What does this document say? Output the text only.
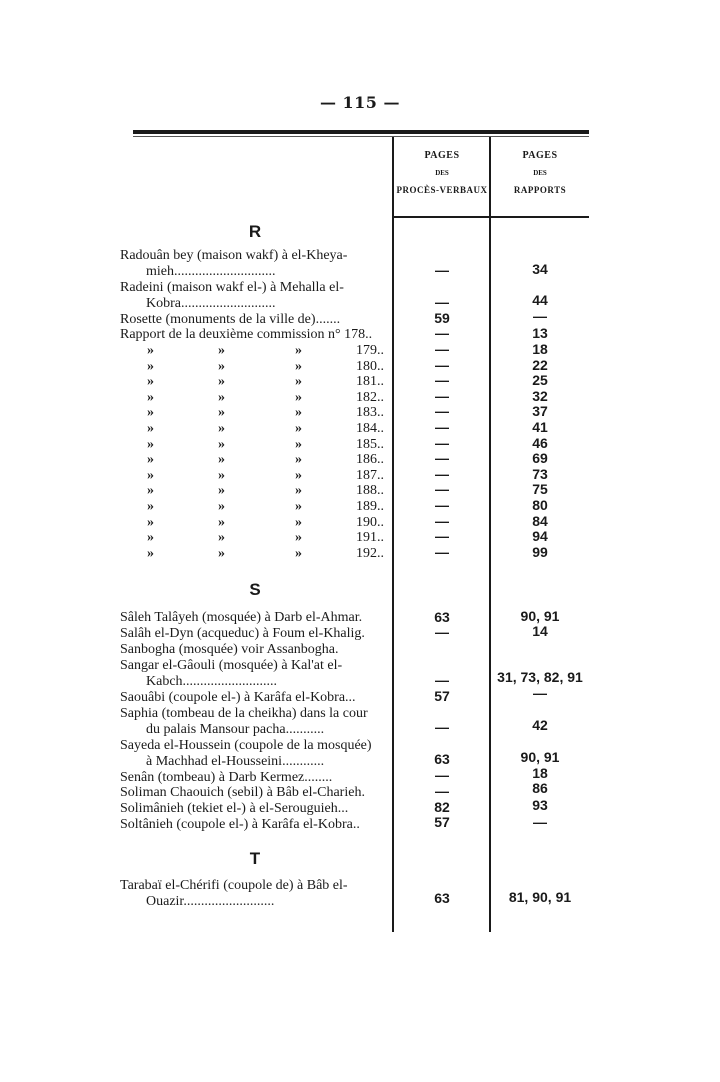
— 115 —
PAGES
DES
PROCÈS-VERBAUX
PAGES
DES
RAPPORTS
R
Radouân bey (maison wakf) à el-Kheya-
mieh.............................	—	34
Radeini (maison wakf el-) à Mehalla el-
Kobra...........................	—	44
Rosette (monuments de la ville de).......	59	—
Rapport de la deuxième commission n° 178..	—	13
»	»	»	179..	—	18
»	»	»	180..	—	22
»	»	»	181..	—	25
»	»	»	182..	—	32
»	»	»	183..	—	37
»	»	»	184..	—	41
»	»	»	185..	—	46
»	»	»	186..	—	69
»	»	»	187..	—	73
»	»	»	188..	—	75
»	»	»	189..	—	80
»	»	»	190..	—	84
»	»	»	191..	—	94
»	»	»	192..	—	99
S
Sâleh Talâyeh (mosquée) à Darb el-Ahmar.	63	90, 91
Salâh el-Dyn (acqueduc) à Foum el-Khalig.	—	14
Sanbogha (mosquée) voir Assanbogha.
Sangar el-Gâouli (mosquée) à Kal'at el-
Kabch...........................	—	31, 73, 82, 91
Saouâbi (coupole el-) à Karâfa el-Kobra...	57	—
Saphia (tombeau de la cheikha) dans la cour
du palais Mansour pacha...........	—	42
Sayeda el-Houssein (coupole de la mosquée)
à Machhad el-Housseini............	63	90, 91
Senân (tombeau) à Darb Kermez........	—	18
Soliman Chaouich (sebil) à Bâb el-Charieh.	—	86
Solimânieh (tekiet el-) à el-Serouguieh...	82	93
Soltânieh (coupole el-) à Karâfa el-Kobra..	57	—
T
Tarabaï el-Chérifi (coupole de) à Bâb el-
Ouazir..........................	63	81, 90, 91
